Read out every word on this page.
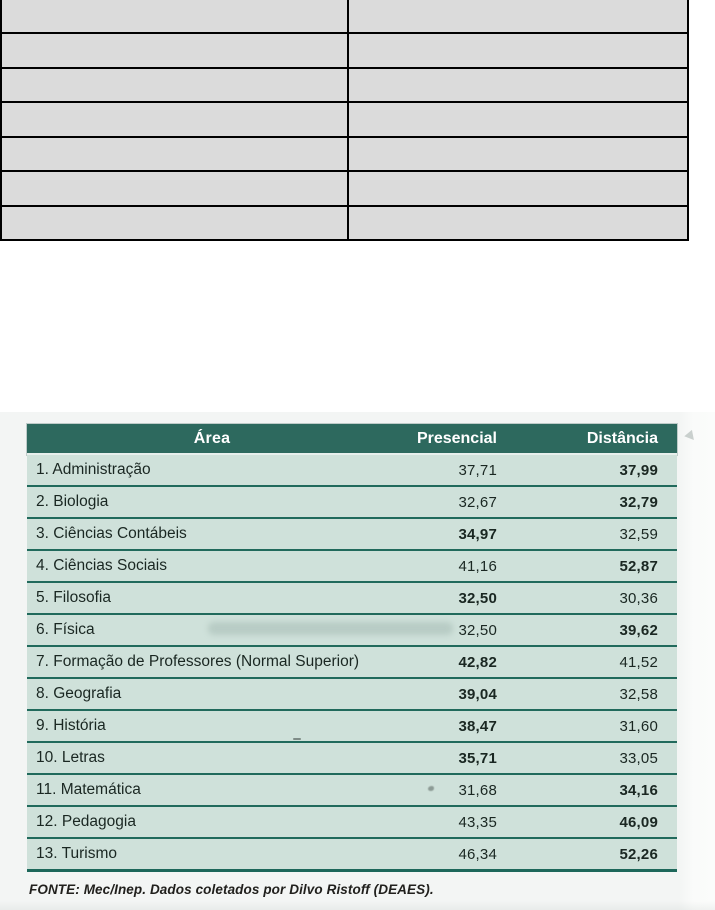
Área	Presencial	Distância
1. Administração	37,71	37,99
2. Biologia	32,67	32,79
3. Ciências Contábeis	34,97	32,59
4. Ciências Sociais	41,16	52,87
5. Filosofia	32,50	30,36
6. Física	32,50	39,62
7. Formação de Professores (Normal Superior)	42,82	41,52
8. Geografia	39,04	32,58
9. História	38,47	31,60
10. Letras	35,71	33,05
11. Matemática	31,68	34,16
12. Pedagogia	43,35	46,09
13. Turismo	46,34	52,26
FONTE: Mec/Inep. Dados coletados por Dilvo Ristoff (DEAES).
